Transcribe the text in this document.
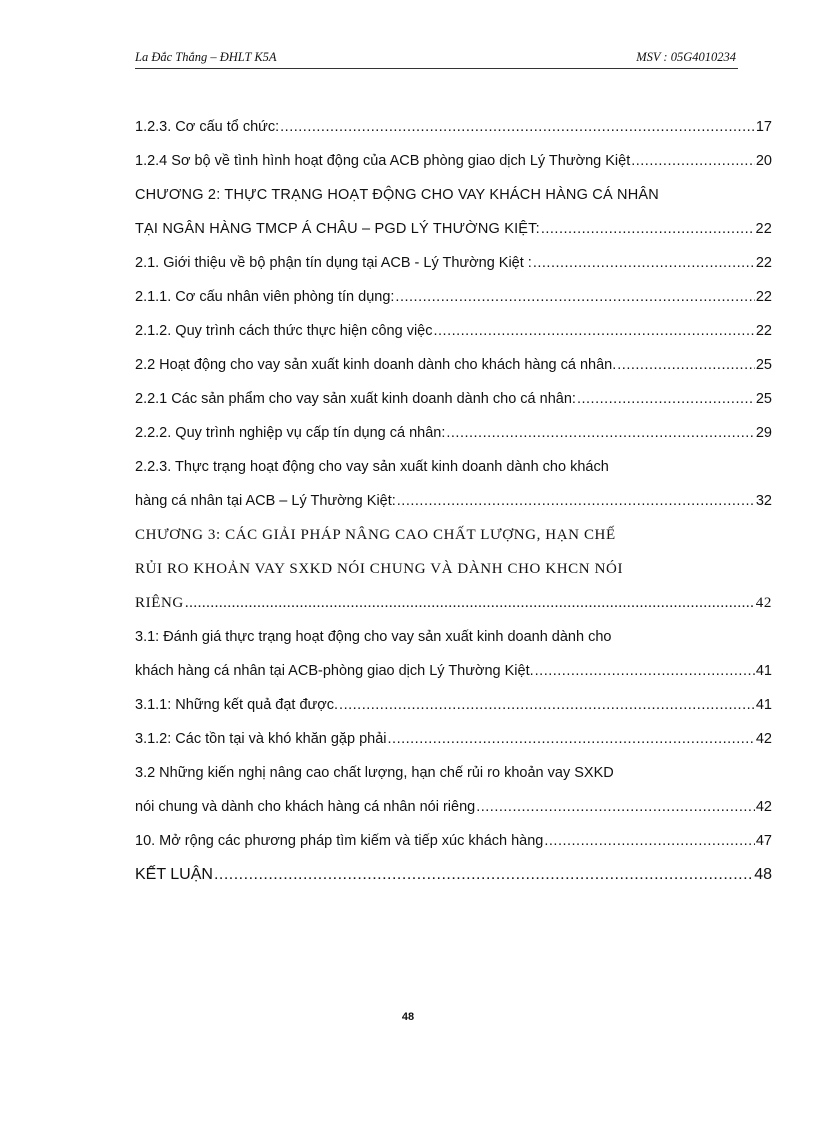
La Đắc Thắng – ĐHLT K5A	MSV : 05G4010234
1.2.3. Cơ cấu tổ chức: .....	17
1.2.4 Sơ bộ về tình hình hoạt động của ACB phòng giao dịch Lý Thường Kiệt .....	20
CHƯƠNG 2: THỰC TRẠNG HOẠT ĐỘNG CHO VAY KHÁCH HÀNG CÁ NHÂN
TẠI NGÂN HÀNG TMCP Á CHÂU – PGD LÝ THƯỜNG KIỆT: .....	22
2.1. Giới thiệu về bộ phận tín dụng tại ACB - Lý Thường Kiệt : .....	22
2.1.1. Cơ cấu nhân viên phòng tín dụng: .....	22
2.1.2. Quy trình cách thức thực hiện công việc .....	22
2.2 Hoạt động cho vay sản xuất kinh doanh dành cho khách hàng cá nhân. .....	25
2.2.1 Các sản phẩm cho vay sản xuất kinh doanh dành cho cá nhân: .....	25
2.2.2. Quy trình nghiệp vụ cấp tín dụng cá nhân: .....	29
2.2.3. Thực trạng hoạt động cho vay sản xuất kinh doanh dành cho khách
hàng cá nhân tại ACB – Lý Thường Kiệt: .....	32
CHƯƠNG 3: CÁC GIẢI PHÁP NÂNG CAO CHẤT LƯỢNG, HẠN CHẾ
RỦI RO KHOẢN VAY SXKD NÓI CHUNG VÀ DÀNH CHO KHCN NÓI
RIÊNG .....	42
3.1: Đánh giá thực trạng hoạt động cho vay sản xuất kinh doanh dành cho
khách hàng cá nhân tại ACB-phòng giao dịch Lý Thường Kiệt. .....	41
3.1.1: Những kết quả đạt được. .....	41
3.1.2: Các tồn tại và khó khăn gặp phải .....	42
3.2 Những kiến nghị nâng cao chất lượng, hạn chế rủi ro khoản vay SXKD
nói chung và dành cho khách hàng cá nhân nói riêng .....	42
10. Mở rộng các phương pháp tìm kiếm và tiếp xúc khách hàng .....	47
KẾT LUẬN .....	48
48
